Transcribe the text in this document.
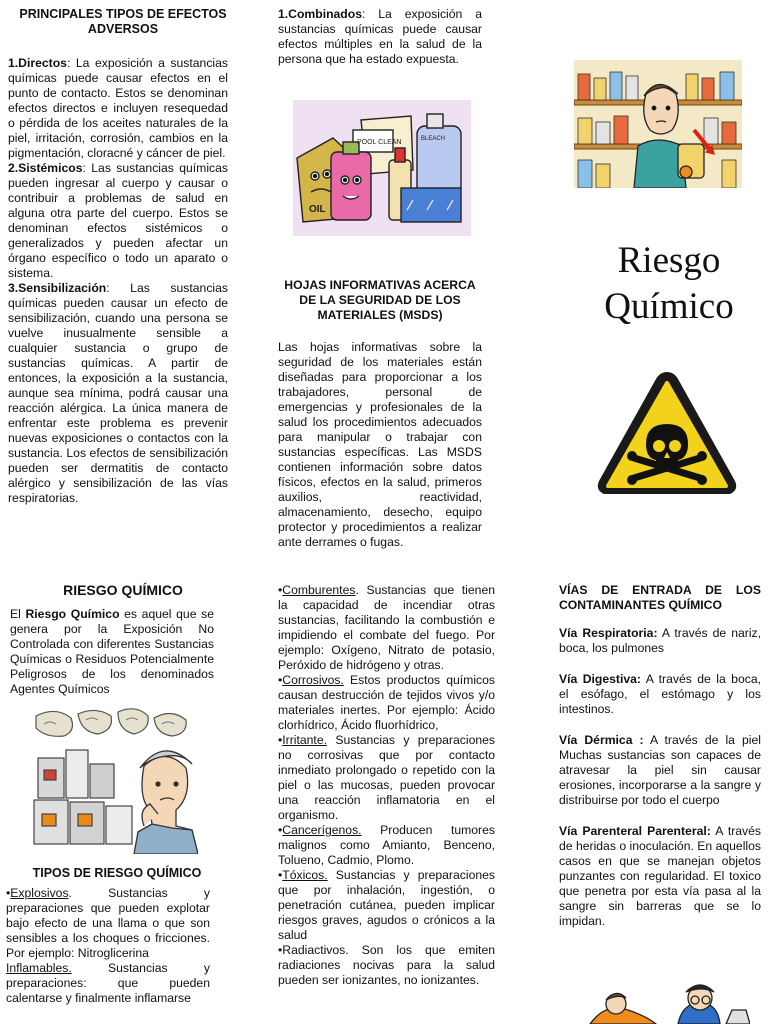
PRINCIPALES TIPOS DE EFECTOS ADVERSOS

1.Directos: La exposición a sustancias químicas puede causar efectos en el punto de contacto. Estos se denominan efectos directos e incluyen resequedad o pérdida de los aceites naturales de la piel, irritación, corrosión, cambios en la pigmentación, cloracné y cáncer de piel.

2.Sistémicos: Las sustancias químicas pueden ingresar al cuerpo y causar o contribuir a problemas de salud en alguna otra parte del cuerpo. Estos se denominan efectos sistémicos o generalizados y pueden afectar un órgano específico o todo un aparato o sistema.

3.Sensibilización: Las sustancias químicas pueden causar un efecto de sensibilización, cuando una persona se vuelve inusualmente sensible a cualquier sustancia o grupo de sustancias químicas. A partir de entonces, la exposición a la sustancia, aunque sea mínima, podrá causar una reacción alérgica. La única manera de enfrentar este problema es prevenir nuevas exposiciones o contactos con la sustancia. Los efectos de sensibilización pueden ser dermatitis de contacto alérgico y sensibilización de las vías respiratorias.

RIESGO QUÍMICO

El Riesgo Químico es aquel que se genera por la Exposición No Controlada con diferentes Sustancias Químicas o Residuos Potencialmente Peligrosos de los denominados Agentes Químicos

TIPOS DE RIESGO QUÍMICO

•Explosivos. Sustancias y preparaciones que pueden explotar bajo efecto de una llama o que son sensibles a los choques o fricciones. Por ejemplo: Nitroglicerina

Inflamables. Sustancias y preparaciones: que pueden calentarse y finalmente inflamarse

1.Combinados: La exposición a sustancias químicas puede causar efectos múltiples en la salud de la persona que ha estado expuesta.

POOL CLEAN
OIL
BLEACH
HOJAS INFORMATIVAS ACERCA DE LA SEGURIDAD DE LOS MATERIALES (MSDS)

Las hojas informativas sobre la seguridad de los materiales están diseñadas para proporcionar a los trabajadores, personal de emergencias y profesionales de la salud los procedimientos adecuados para manipular o trabajar con sustancias específicas. Las MSDS contienen información sobre datos físicos, efectos en la salud, primeros auxilios, reactividad, almacenamiento, desecho, equipo protector y procedimientos a realizar ante derrames o fugas.

•Comburentes. Sustancias que tienen la capacidad de incendiar otras sustancias, facilitando la combustión e impidiendo el combate del fuego. Por ejemplo: Oxígeno, Nitrato de potasio, Peróxido de hidrógeno y otras.

•Corrosivos. Estos productos químicos causan destrucción de tejidos vivos y/o materiales inertes. Por ejemplo: Ácido clorhídrico, Ácido fluorhídrico,

•Irritante. Sustancias y preparaciones no corrosivas que por contacto inmediato prolongado o repetido con la piel o las mucosas, pueden provocar una reacción inflamatoria en el organismo.

•Cancerígenos. Producen tumores malignos como Amianto, Benceno, Tolueno, Cadmio, Plomo.

•Tóxicos. Sustancias y preparaciones que por inhalación, ingestión, o penetración cutánea, pueden implicar riesgos graves, agudos o crónicos a la salud

•Radiactivos. Son los que emiten radiaciones nocivas para la salud pueden ser ionizantes, no ionizantes.

Riesgo
Químico
VÍAS DE ENTRADA DE LOS CONTAMINANTES QUÍMICO

Vía Respiratoria: A través de nariz, boca, los pulmones

Vía Digestiva: A través de la boca, el esófago, el estómago y los intestinos.

Vía Dérmica : A través de la piel Muchas sustancias son capaces de atravesar la piel sin causar erosiones, incorporarse a la sangre y distribuirse por todo el cuerpo

Vía Parenteral Parenteral: A través de heridas o inoculación. En aquellos casos en que se manejan objetos punzantes con regularidad. El toxico que penetra por esta vía pasa al la sangre sin barreras que se lo impidan.
